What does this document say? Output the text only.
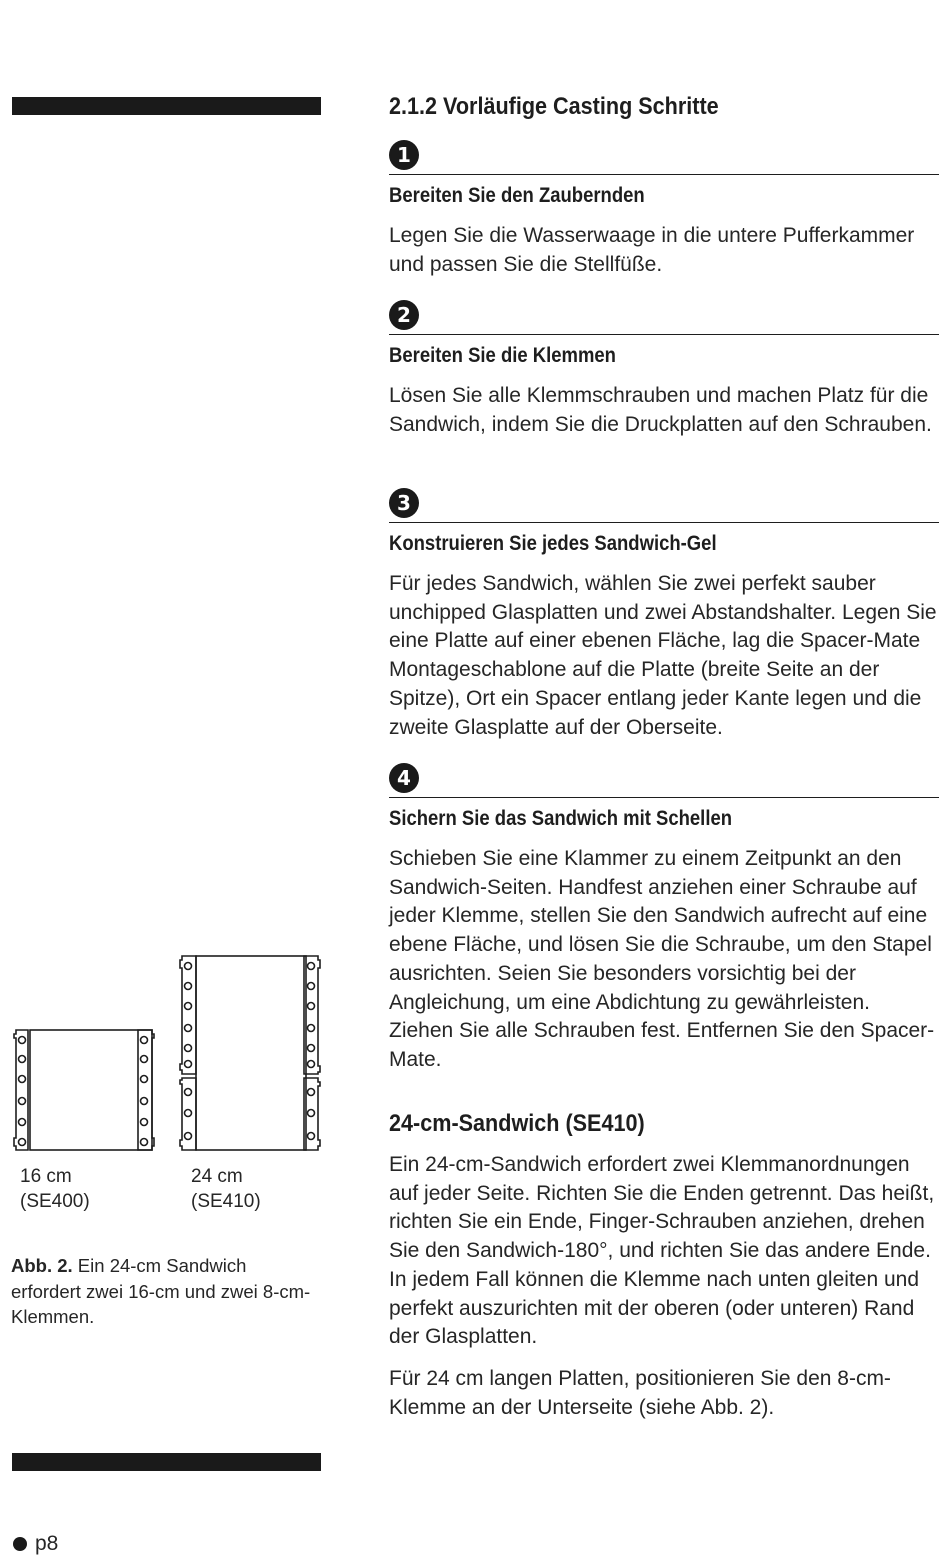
2.1.2 Vorläufige Casting Schritte
1
Bereiten Sie den Zaubernden

Legen Sie die Wasserwaage in die untere Pufferkammer und passen Sie die Stellfüße.

2
Bereiten Sie die Klemmen

Lösen Sie alle Klemmschrauben und machen Platz für die Sandwich, indem Sie die Druckplatten auf den Schrauben.

3
Konstruieren Sie jedes Sandwich-Gel

Für jedes Sandwich, wählen Sie zwei perfekt sauber unchipped Glasplatten und zwei Abstandshalter. Legen Sie eine Platte auf einer ebenen Fläche, lag die Spacer-Mate Montageschablone auf die Platte (breite Seite an der Spitze), Ort ein Spacer entlang jeder Kante legen und die zweite Glasplatte auf der Oberseite.

4
Sichern Sie das Sandwich mit Schellen

Schieben Sie eine Klammer zu einem Zeitpunkt an den Sandwich-Seiten. Handfest anziehen einer Schraube auf jeder Klemme, stellen Sie den Sandwich aufrecht auf eine ebene Fläche, und lösen Sie die Schraube, um den Stapel ausrichten. Seien Sie besonders vorsichtig bei der Angleichung, um eine Abdichtung zu gewährleisten. Ziehen Sie alle Schrauben fest. Entfernen Sie den Spacer-Mate.

24-cm-Sandwich (SE410)

Ein 24-cm-Sandwich erfordert zwei Klemmanordnungen auf jeder Seite. Richten Sie die Enden getrennt. Das heißt, richten Sie ein Ende, Finger-Schrauben anziehen, drehen Sie den Sandwich-180°, und richten Sie das andere Ende. In jedem Fall können die Klemme nach unten gleiten und perfekt auszurichten mit der oberen (oder unteren) Rand der Glasplatten.

Für 24 cm langen Platten, positionieren Sie den 8-cm-Klemme an der Unterseite (siehe Abb. 2).

16 cm
(SE400)
24 cm
(SE410)

Abb. 2. Ein 24-cm Sandwich erfordert zwei 16-cm und zwei 8-cm-Klemmen.

p8
